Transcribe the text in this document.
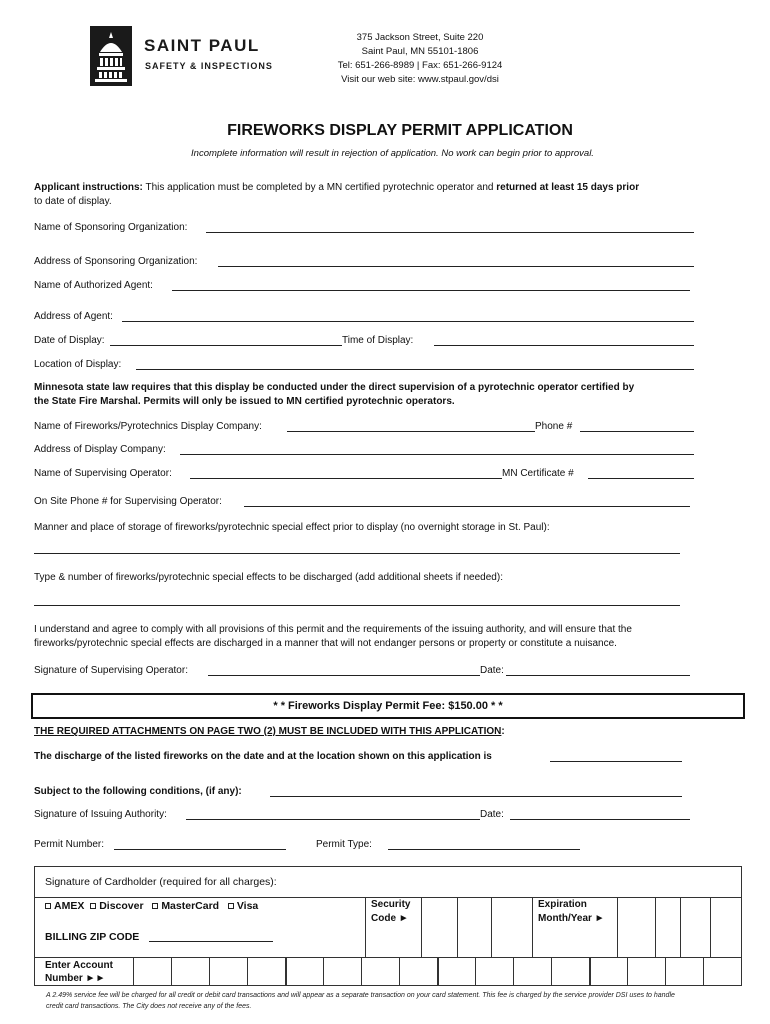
SAINT PAUL
SAFETY & INSPECTIONS
375 Jackson Street, Suite 220
Saint Paul, MN 55101-1806
Tel: 651-266-8989 | Fax: 651-266-9124
Visit our web site: www.stpaul.gov/dsi
FIREWORKS DISPLAY PERMIT APPLICATION
Incomplete information will result in rejection of application. No work can begin prior to approval.
Applicant instructions: This application must be completed by a MN certified pyrotechnic operator and returned at least 15 days prior
to date of display.
Name of Sponsoring Organization:
Address of Sponsoring Organization:
Name of Authorized Agent:
Address of Agent:
Date of Display:	Time of Display:
Location of Display:
Minnesota state law requires that this display be conducted under the direct supervision of a pyrotechnic operator certified by
the State Fire Marshal. Permits will only be issued to MN certified pyrotechnic operators.
Name of Fireworks/Pyrotechnics Display Company:	Phone #
Address of Display Company:
Name of Supervising Operator:	MN Certificate #
On Site Phone # for Supervising Operator:
Manner and place of storage of fireworks/pyrotechnic special effect prior to display (no overnight storage in St. Paul):
Type & number of fireworks/pyrotechnic special effects to be discharged (add additional sheets if needed):
I understand and agree to comply with all provisions of this permit and the requirements of the issuing authority, and will ensure that the
fireworks/pyrotechnic special effects are discharged in a manner that will not endanger persons or property or constitute a nuisance.
Signature of Supervising Operator:	Date:
* * Fireworks Display Permit Fee: $150.00 * *
THE REQUIRED ATTACHMENTS ON PAGE TWO (2) MUST BE INCLUDED WITH THIS APPLICATION:
The discharge of the listed fireworks on the date and at the location shown on this application is
Subject to the following conditions, (if any):
Signature of Issuing Authority:	Date:
Permit Number:	Permit Type:
Signature of Cardholder (required for all charges):
AMEX Discover MasterCard Visa
BILLING ZIP CODE
Security
Code ►
Expiration
Month/Year ►
Enter Account
Number ►►
A 2.49% service fee will be charged for all credit or debit card transactions and will appear as a separate transaction on your card statement. This fee is charged by the service provider DSI uses to handle
credit card transactions. The City does not receive any of the fees.
